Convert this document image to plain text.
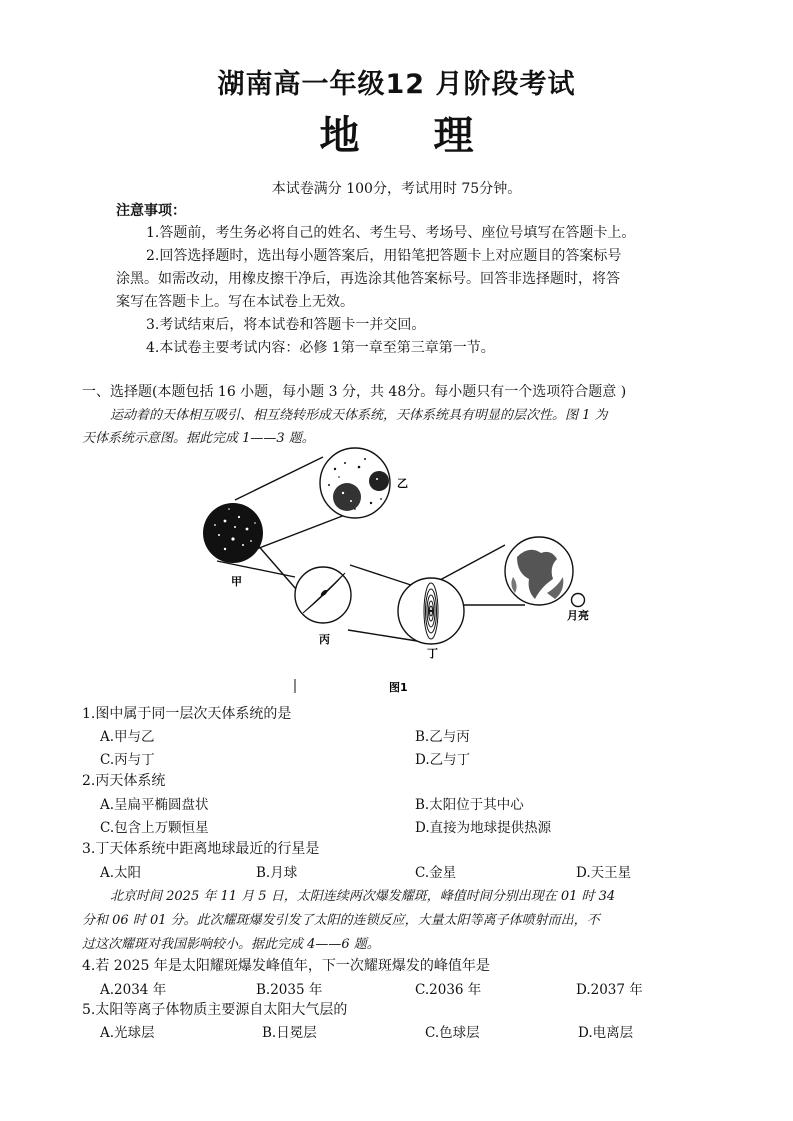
湖南高一年级12 月阶段考试
地 理
本试卷满分 100分，考试用时 75分钟。
注意事项：
1.答题前，考生务必将自己的姓名、考生号、考场号、座位号填写在答题卡上。
2.回答选择题时，选出每小题答案后，用铅笔把答题卡上对应题目的答案标号
涂黑。如需改动，用橡皮擦干净后，再选涂其他答案标号。回答非选择题时，将答
案写在答题卡上。写在本试卷上无效。
3.考试结束后，将本试卷和答题卡一并交回。
4.本试卷主要考试内容：必修 1第一章至第三章第一节。
一、选择题(本题包括 16 小题，每小题 3 分，共 48分。每小题只有一个选项符合题意 )
运动着的天体相互吸引、相互绕转形成天体系统，天体系统具有明显的层次性。图 1 为
天体系统示意图。据此完成 1——3 题。
乙
甲
丙
丁
月亮
图1
1.图中属于同一层次天体系统的是
A.甲与乙	B.乙与丙
C.丙与丁	D.乙与丁
2.丙天体系统
A.呈扁平椭圆盘状	B.太阳位于其中心
C.包含上万颗恒星	D.直接为地球提供热源
3.丁天体系统中距离地球最近的行星是
A.太阳	B.月球	C.金星	D.天王星
北京时间 2025 年 11 月 5 日，太阳连续两次爆发耀斑，峰值时间分别出现在 01 时 34
分和 06 时 01 分。此次耀斑爆发引发了太阳的连锁反应，大量太阳等离子体喷射而出，不
过这次耀斑对我国影响较小。据此完成 4——6 题。
4.若 2025 年是太阳耀斑爆发峰值年，下一次耀斑爆发的峰值年是
A.2034 年	B.2035 年	C.2036 年	D.2037 年
5.太阳等离子体物质主要源自太阳大气层的
A.光球层	B.日冕层	C.色球层	D.电离层
